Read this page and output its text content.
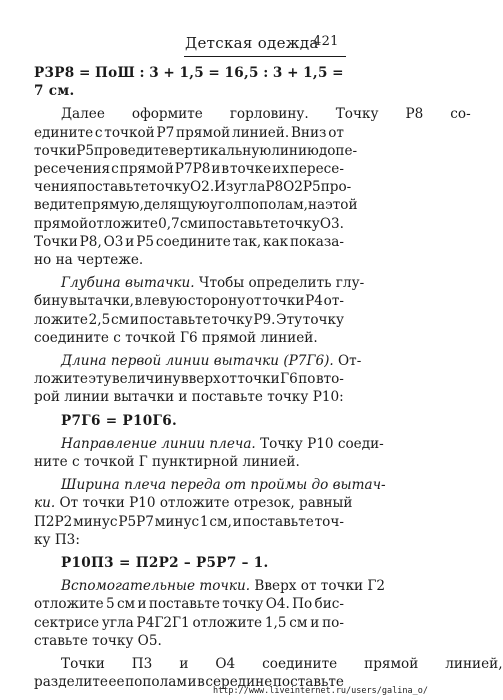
Детская одежда
421
Р3Р8 = ПоШ : 3 + 1,5 = 16,5 : 3 + 1,5 =
7 см.
Далее	оформите	горловину.	Точку	Р8	со-
едините с точкой Р7 прямой линией. Вниз от
точки Р5 проведите вертикальную линию до пе-
ресечения с прямой Р7Р8 и в точке их пересе-
чения поставьте точку О2. Из угла Р8О2Р5 про-
ведите прямую, делящую угол пополам, на этой
прямой отложите 0,7 см и поставьте точку О3.
Точки Р8, О3 и Р5 соедините так, как показа-
но на чертеже.
Глубина вытачки. Чтобы определить глу-
бину вытачки, в левую сторону от точки Р4 от-
ложите 2,5 см и поставьте точку Р9. Эту точку
соедините с точкой Г6 прямой линией.
Длина первой линии вытачки (Р7Г6). От-
ложите эту величину вверх от точки Г6 по вто-
рой линии вытачки и поставьте точку Р10:
Р7Г6 = Р10Г6.
Направление линии плеча. Точку Р10 соеди-
ните с точкой Г пунктирной линией.
Ширина плеча переда от проймы до вытач-
ки. От точки Р10 отложите отрезок, равный
П2Р2 минус Р5Р7 минус 1 см, и поставьте точ-
ку П3:
Р10П3 = П2Р2 – Р5Р7 – 1.
Вспомогательные точки. Вверх от точки Г2
отложите 5 см и поставьте точку О4. По бис-
сектрисе угла Р4Г2Г1 отложите 1,5 см и по-
ставьте точку О5.
Точки	П3	и	О4	соедините	прямой	линией,
разделите ее пополам и в середине поставьте
http://www.liveinternet.ru/users/galina_o/
